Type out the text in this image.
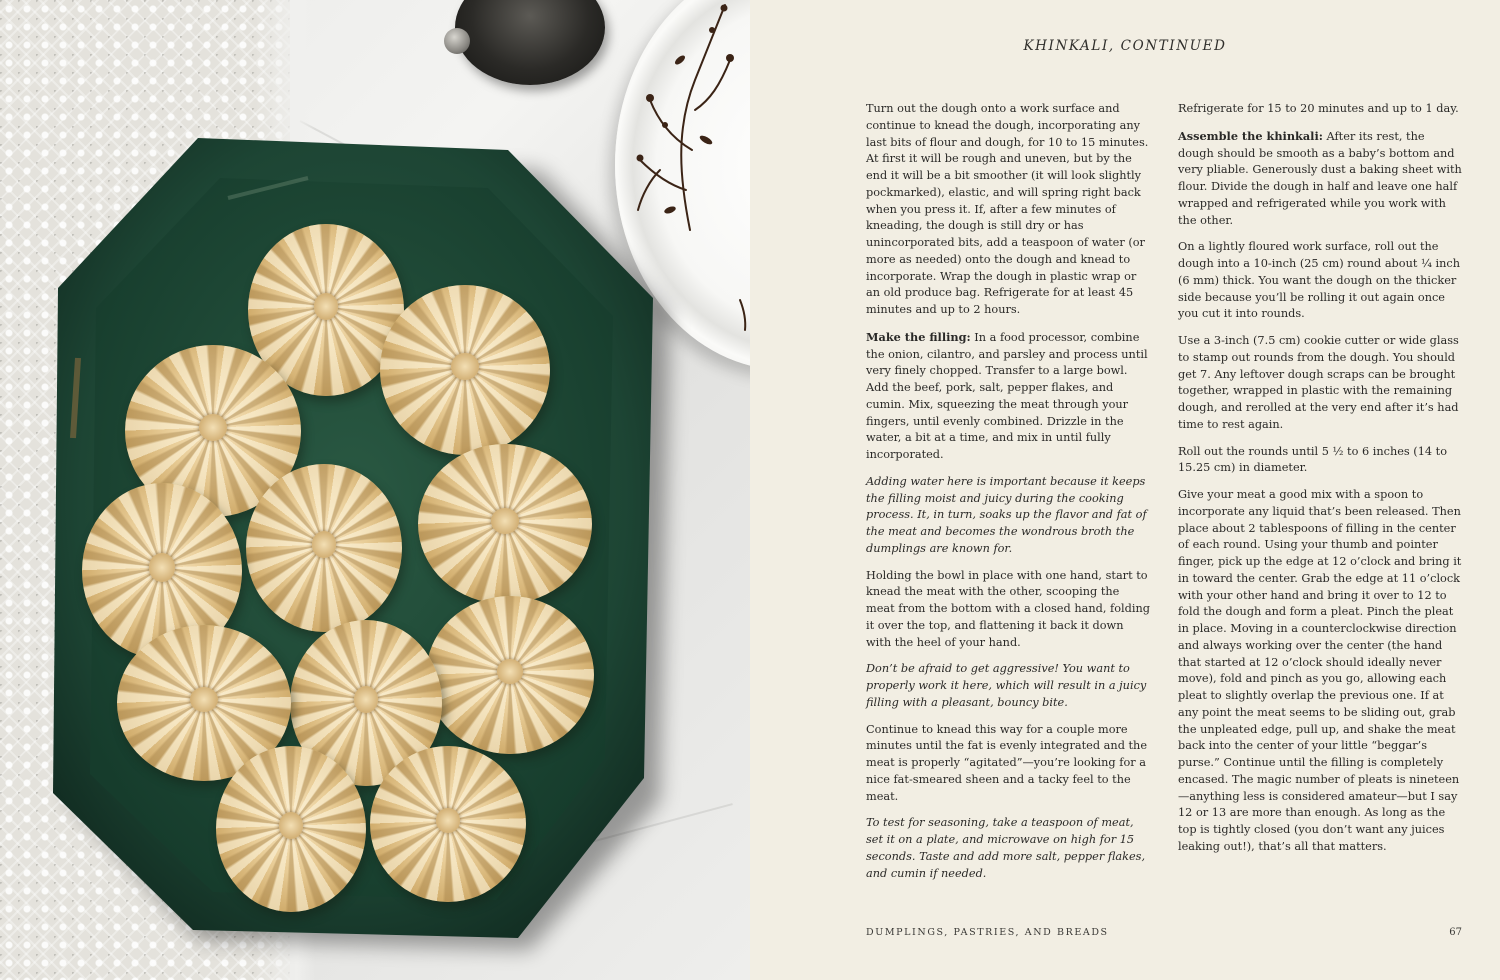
KHINKALI, CONTINUED

Turn out the dough onto a work surface and continue to knead the dough, incorporating any last bits of flour and dough, for 10 to 15 minutes. At first it will be rough and uneven, but by the end it will be a bit smoother (it will look slightly pockmarked), elastic, and will spring right back when you press it. If, after a few minutes of kneading, the dough is still dry or has unincorporated bits, add a teaspoon of water (or more as needed) onto the dough and knead to incorporate. Wrap the dough in plastic wrap or an old produce bag. Refrigerate for at least 45 minutes and up to 2 hours.

Make the filling: In a food processor, combine the onion, cilantro, and parsley and process until very finely chopped. Transfer to a large bowl. Add the beef, pork, salt, pepper flakes, and cumin. Mix, squeezing the meat through your fingers, until evenly combined. Drizzle in the water, a bit at a time, and mix in until fully incorporated.

Adding water here is important because it keeps the filling moist and juicy during the cooking process. It, in turn, soaks up the flavor and fat of the meat and becomes the wondrous broth the dumplings are known for.

Holding the bowl in place with one hand, start to knead the meat with the other, scooping the meat from the bottom with a closed hand, folding it over the top, and flattening it back it down with the heel of your hand.

Don’t be afraid to get aggressive! You want to properly work it here, which will result in a juicy filling with a pleasant, bouncy bite.

Continue to knead this way for a couple more minutes until the fat is evenly integrated and the meat is properly “agitated”—you’re looking for a nice fat-smeared sheen and a tacky feel to the meat.

To test for seasoning, take a teaspoon of meat, set it on a plate, and microwave on high for 15 seconds. Taste and add more salt, pepper flakes, and cumin if needed.

Refrigerate for 15 to 20 minutes and up to 1 day.

Assemble the khinkali: After its rest, the dough should be smooth as a baby’s bottom and very pliable. Generously dust a baking sheet with flour. Divide the dough in half and leave one half wrapped and refrigerated while you work with the other.

On a lightly floured work surface, roll out the dough into a 10-inch (25 cm) round about ¼ inch (6 mm) thick. You want the dough on the thicker side because you’ll be rolling it out again once you cut it into rounds.

Use a 3-inch (7.5 cm) cookie cutter or wide glass to stamp out rounds from the dough. You should get 7. Any leftover dough scraps can be brought together, wrapped in plastic with the remaining dough, and rerolled at the very end after it’s had time to rest again.

Roll out the rounds until 5 ½ to 6 inches (14 to 15.25 cm) in diameter.

Give your meat a good mix with a spoon to incorporate any liquid that’s been released. Then place about 2 tablespoons of filling in the center of each round. Using your thumb and pointer finger, pick up the edge at 12 o’clock and bring it in toward the center. Grab the edge at 11 o’clock with your other hand and bring it over to 12 to fold the dough and form a pleat. Pinch the pleat in place. Moving in a counterclockwise direction and always working over the center (the hand that started at 12 o’clock should ideally never move), fold and pinch as you go, allowing each pleat to slightly overlap the previous one. If at any point the meat seems to be sliding out, grab the unpleated edge, pull up, and shake the meat back into the center of your little “beggar’s purse.” Continue until the filling is completely encased. The magic number of pleats is nineteen—anything less is considered amateur—but I say 12 or 13 are more than enough. As long as the top is tightly closed (you don’t want any juices leaking out!), that’s all that matters.

DUMPLINGS, PASTRIES, AND BREADS	67
